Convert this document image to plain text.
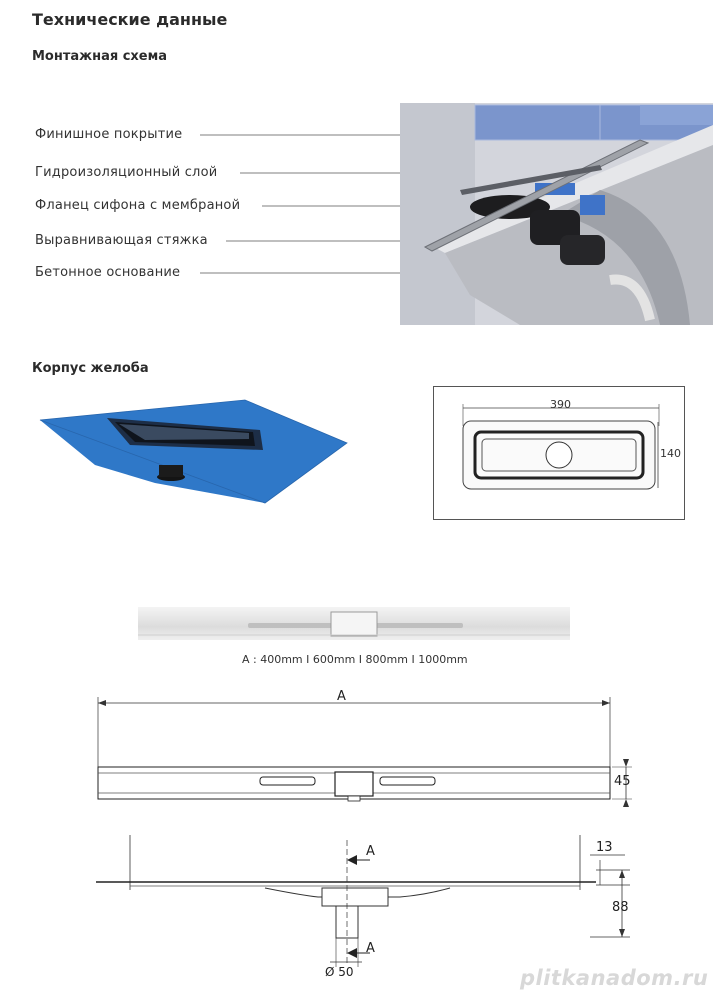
Технические данные
Монтажная схема
Финишное покрытие
Гидроизоляционный слой
Фланец сифона с мембраной
Выравнивающая стяжка
Бетонное основание
Корпус желоба
390
140
A : 400mm I 600mm I 800mm I 1000mm
A
45
13
88
A
A
Ø 50	plitkanadom.ru
